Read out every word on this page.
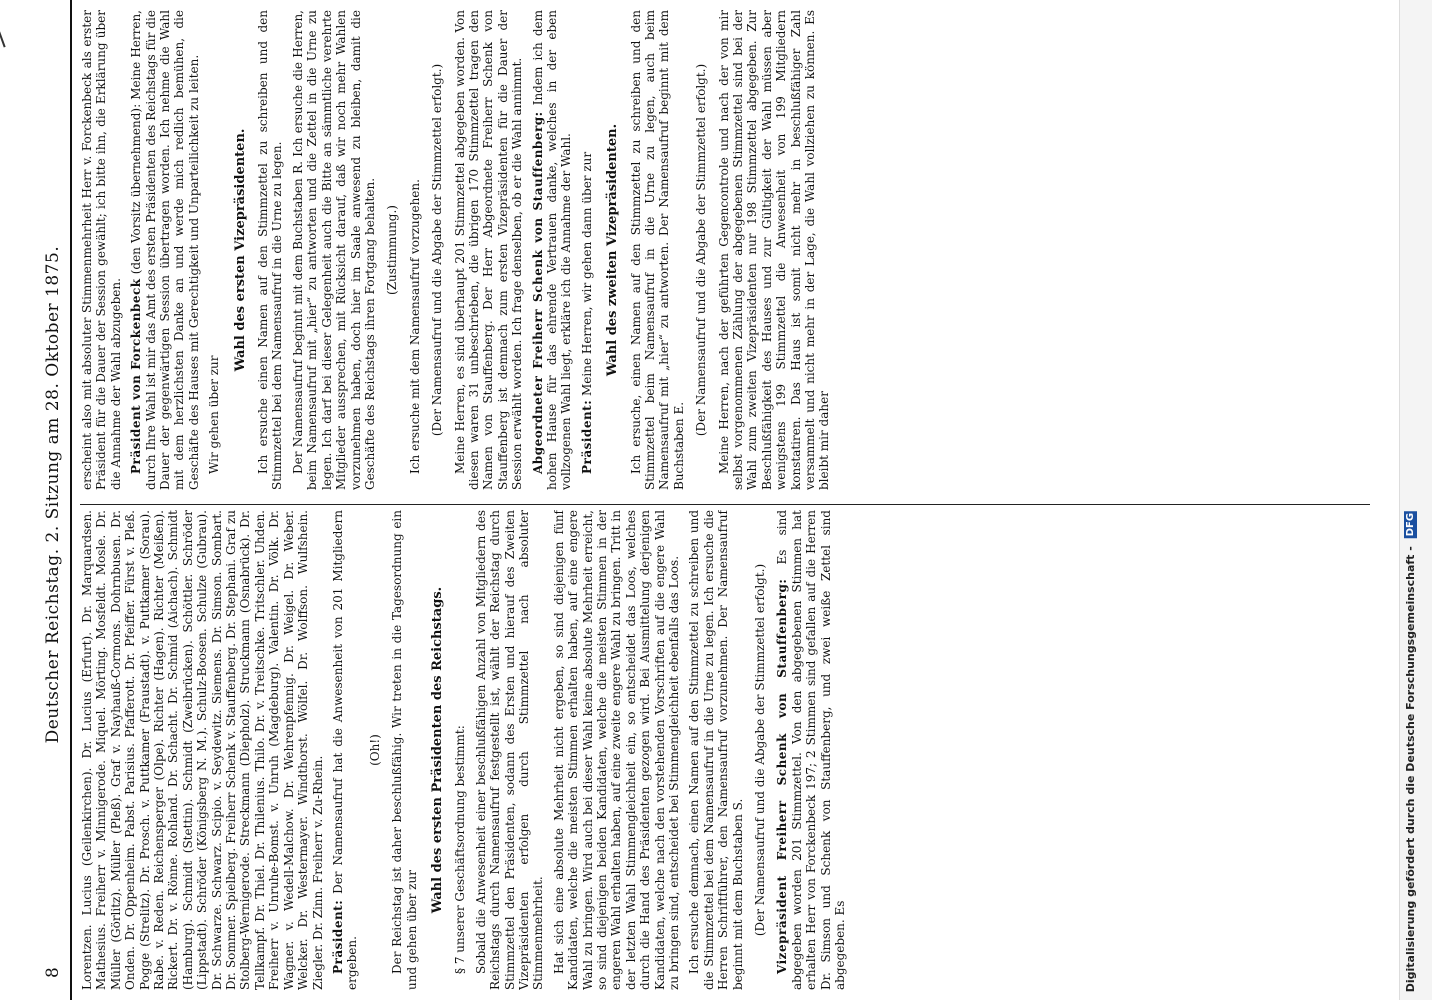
8
Deutscher Reichstag. 2. Sitzung am 28. Oktober 1875.

Lorentzen. Lucius (Geilenkirchen). Dr. Lucius (Erfurt). Dr. Marquardsen. Mathesius. Freiherr v. Minnigerode. Miquel. Mörting. Mosfeldt. Mosle. Dr. Müller (Görlitz). Müller (Pleß). Graf v. Nayhauß-Cormons. Dohrnbusen. Dr. Onden. Dr. Oppenheim. Pabst. Parisius. Pfafferott. Dr. Pfeiffer. Fürst v. Pleß. Pogge (Strelitz). Dr. Prosch. v. Puttkamer (Fraustadt). v. Puttkamer (Sorau). Rabe. v. Reden. Reichensperger (Olpe). Richter (Hagen). Richter (Meißen). Rickert. Dr. v. Rönne. Rohland. Dr. Schacht. Dr. Schmid (Aichach). Schmidt (Hamburg). Schmidt (Stettin). Schmidt (Zweibrücken). Schöttler. Schröder (Lippstadt). Schröder (Königsberg N. M.). Schulz-Boosen. Schulze (Gubrau). Dr. Schwarze. Schwarz. Scipio. v. Seydewitz. Siemens. Dr. Simson. Sombart. Dr. Sommer. Spielberg. Freiherr Schenk v. Stauffenberg. Dr. Stephani. Graf zu Stolberg-Wernigerode. Streckmann (Diepholz). Struckmann (Osnabrück). Dr. Tellkampf. Dr. Thiel. Dr. Thilenius. Thilo. Dr. v. Treitschke. Tritschler. Uhden. Freiherr v. Unruhe-Bomst. v. Unruh (Magdeburg). Valentin. Dr. Völk. Dr. Wagner. v. Wedell-Malchow. Dr. Wehrenpfennig. Dr. Weigel. Dr. Weber. Welcker. Dr. Westermayer. Windthorst. Wölfel. Dr. Wolffson. Wulfshein. Ziegler. Dr. Zinn. Freiherr v. Zu-Rhein. Präsident: Der Namensaufruf hat die Anwesenheit von 201 Mitgliedern ergeben.

(Oh!) Der Reichstag ist daher beschlußfähig. Wir treten in die Tagesordnung ein und gehen über zur

Wahl des ersten Präsidenten des Reichstags. § 7 unserer Geschäftsordnung bestimmt: Sobald die Anwesenheit einer beschlußfähigen Anzahl von Mitgliedern des Reichstags durch Namensaufruf festgestellt ist, wählt der Reichstag durch Stimmzettel den Präsidenten, sodann des Ersten und hierauf des Zweiten Vizepräsidenten erfolgen durch Stimmzettel nach absoluter Stimmenmehrheit. Hat sich eine absolute Mehrheit nicht ergeben, so sind diejenigen fünf Kandidaten, welche die meisten Stimmen erhalten haben, auf eine engere Wahl zu bringen. Wird auch bei dieser Wahl keine absolute Mehrheit erreicht, so sind diejenigen beiden Kandidaten, welche die meisten Stimmen in der engeren Wahl erhalten haben, auf eine zweite engere Wahl zu bringen. Tritt in der letzten Wahl Stimmengleichheit ein, so entscheidet das Loos, welches durch die Hand des Präsidenten gezogen wird. Bei Ausmittelung derjenigen Kandidaten, welche nach den vorstehenden Vorschriften auf die engere Wahl zu bringen sind, entscheidet bei Stimmengleichheit ebenfalls das Loos. Ich ersuche demnach, einen Namen auf den Stimmzettel zu schreiben und die Stimmzettel bei dem Namensaufruf in die Urne zu legen. Ich ersuche die Herren Schriftführer, den Namensaufruf vorzunehmen. Der Namensaufruf beginnt mit dem Buchstaben S. (Der Namensaufruf und die Abgabe der Stimmzettel erfolgt.) Vizepräsident Freiherr Schenk von Stauffenberg: Es sind abgegeben worden 201 Stimmzettel. Von den abgegebenen Stimmen hat erhalten Herr von Forckenbeck 197; 2 Stimmen sind gefallen auf die Herren Dr. Simson und Schenk von Stauffenberg, und zwei weiße Zettel sind abgegeben. Es

erscheint also mit absoluter Stimmenmehrheit Herr v. Forckenbeck als erster Präsident für die Dauer der Session gewählt; ich bitte ihn, die Erklärung über die Annahme der Wahl abzugeben. Präsident von Forckenbeck (den Vorsitz übernehmend): Meine Herren, durch Ihre Wahl ist mir das Amt des ersten Präsidenten des Reichstags für die Dauer der gegenwärtigen Session übertragen worden. Ich nehme die Wahl mit dem herzlichsten Danke an und werde mich redlich bemühen, die Geschäfte des Hauses mit Gerechtigkeit und Unparteilichkeit zu leiten. Wir gehen über zur

Wahl des ersten Vizepräsidenten. Ich ersuche einen Namen auf den Stimmzettel zu schreiben und den Stimmzettel bei dem Namensaufruf in die Urne zu legen. Der Namensaufruf beginnt mit dem Buchstaben R. Ich ersuche die Herren, beim Namensaufruf mit „hier“ zu antworten und die Zettel in die Urne zu legen. Ich darf bei dieser Gelegenheit auch die Bitte an sämmtliche verehrte Mitglieder aussprechen, mit Rücksicht darauf, daß wir noch mehr Wahlen vorzunehmen haben, doch hier im Saale anwesend zu bleiben, damit die Geschäfte des Reichstags ihren Fortgang behalten. (Zustimmung.) Ich ersuche mit dem Namensaufruf vorzugehen. (Der Namensaufruf und die Abgabe der Stimmzettel erfolgt.) Meine Herren, es sind überhaupt 201 Stimmzettel abgegeben worden. Von diesen waren 31 unbeschrieben, die übrigen 170 Stimmzettel tragen den Namen von Stauffenberg. Der Herr Abgeordnete Freiherr Schenk von Stauffenberg ist demnach zum ersten Vizepräsidenten für die Dauer der Session erwählt worden. Ich frage denselben, ob er die Wahl annimmt. Abgeordneter Freiherr Schenk von Stauffenberg: Indem ich dem hohen Hause für das ehrende Vertrauen danke, welches in der eben vollzogenen Wahl liegt, erkläre ich die Annahme der Wahl. Präsident: Meine Herren, wir gehen dann über zur Wahl des zweiten Vizepräsidenten. Ich ersuche, einen Namen auf den Stimmzettel zu schreiben und den Stimmzettel beim Namensaufruf in die Urne zu legen, auch beim Namensaufruf mit „hier“ zu antworten. Der Namensaufruf beginnt mit dem Buchstaben E.

(Der Namensaufruf und die Abgabe der Stimmzettel erfolgt.) Meine Herren, nach der geführten Gegencontrole und nach der von mir selbst vorgenommenen Zählung der abgegebenen Stimmzettel sind bei der Wahl zum zweiten Vizepräsidenten nur 198 Stimmzettel abgegeben. Zur Beschlußfähigkeit des Hauses und zur Gültigkeit der Wahl müssen aber wenigstens 199 Stimmzettel die Anwesenheit von 199 Mitgliedern konstatiren. Das Haus ist somit nicht mehr in beschlußfähiger Zahl versammelt und nicht mehr in der Lage, die Wahl vollziehen zu können. Es bleibt mir daher

Digitalisierung gefördert durch die Deutsche Forschungsgemeinschaft - DFG
